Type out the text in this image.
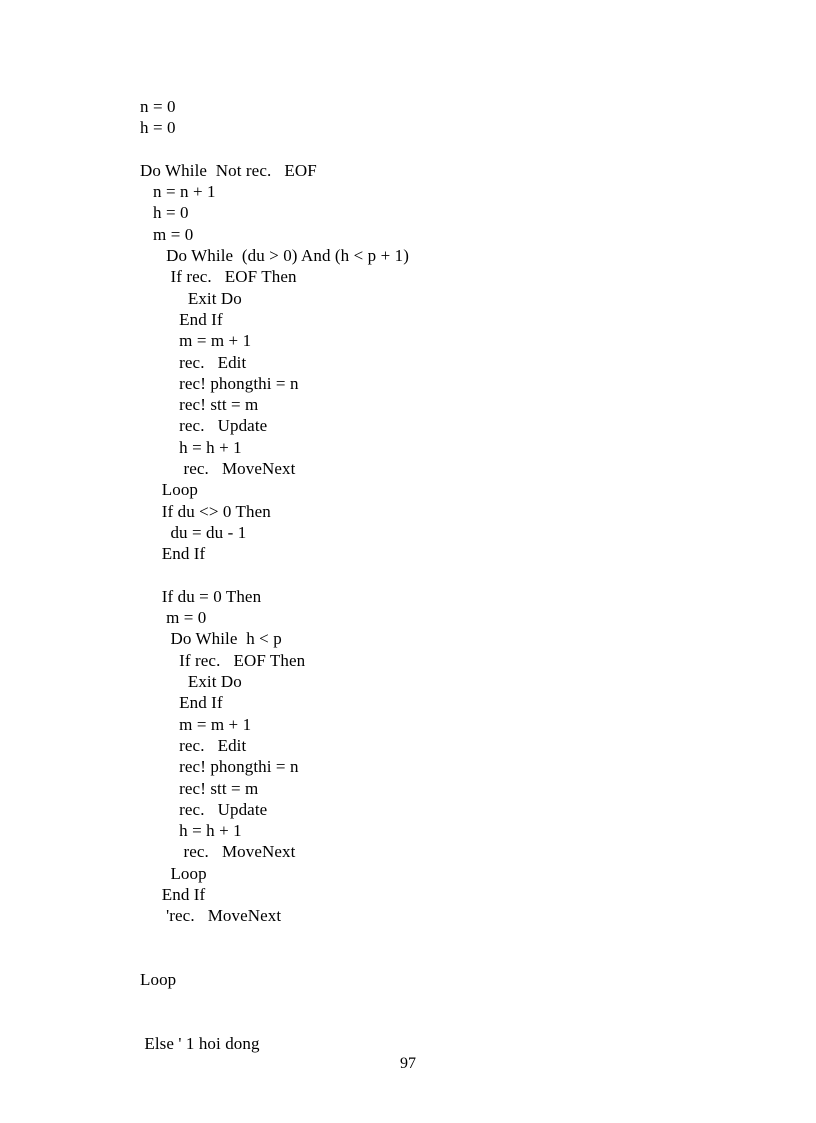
n = 0
h = 0
Do While  Not rec.   EOF
n = n + 1
h = 0
m = 0
Do While  (du > 0) And (h < p + 1)
If rec.   EOF Then
Exit Do
End If
m = m + 1
rec.   Edit
rec! phongthi = n
rec! stt = m
rec.   Update
h = h + 1
rec.   MoveNext
Loop
If du <> 0 Then
du = du - 1
End If
If du = 0 Then
m = 0
Do While  h < p
If rec.   EOF Then
Exit Do
End If
m = m + 1
rec.   Edit
rec! phongthi = n
rec! stt = m
rec.   Update
h = h + 1
rec.   MoveNext
Loop
End If
'rec.   MoveNext
Loop
Else ' 1 hoi dong
97
